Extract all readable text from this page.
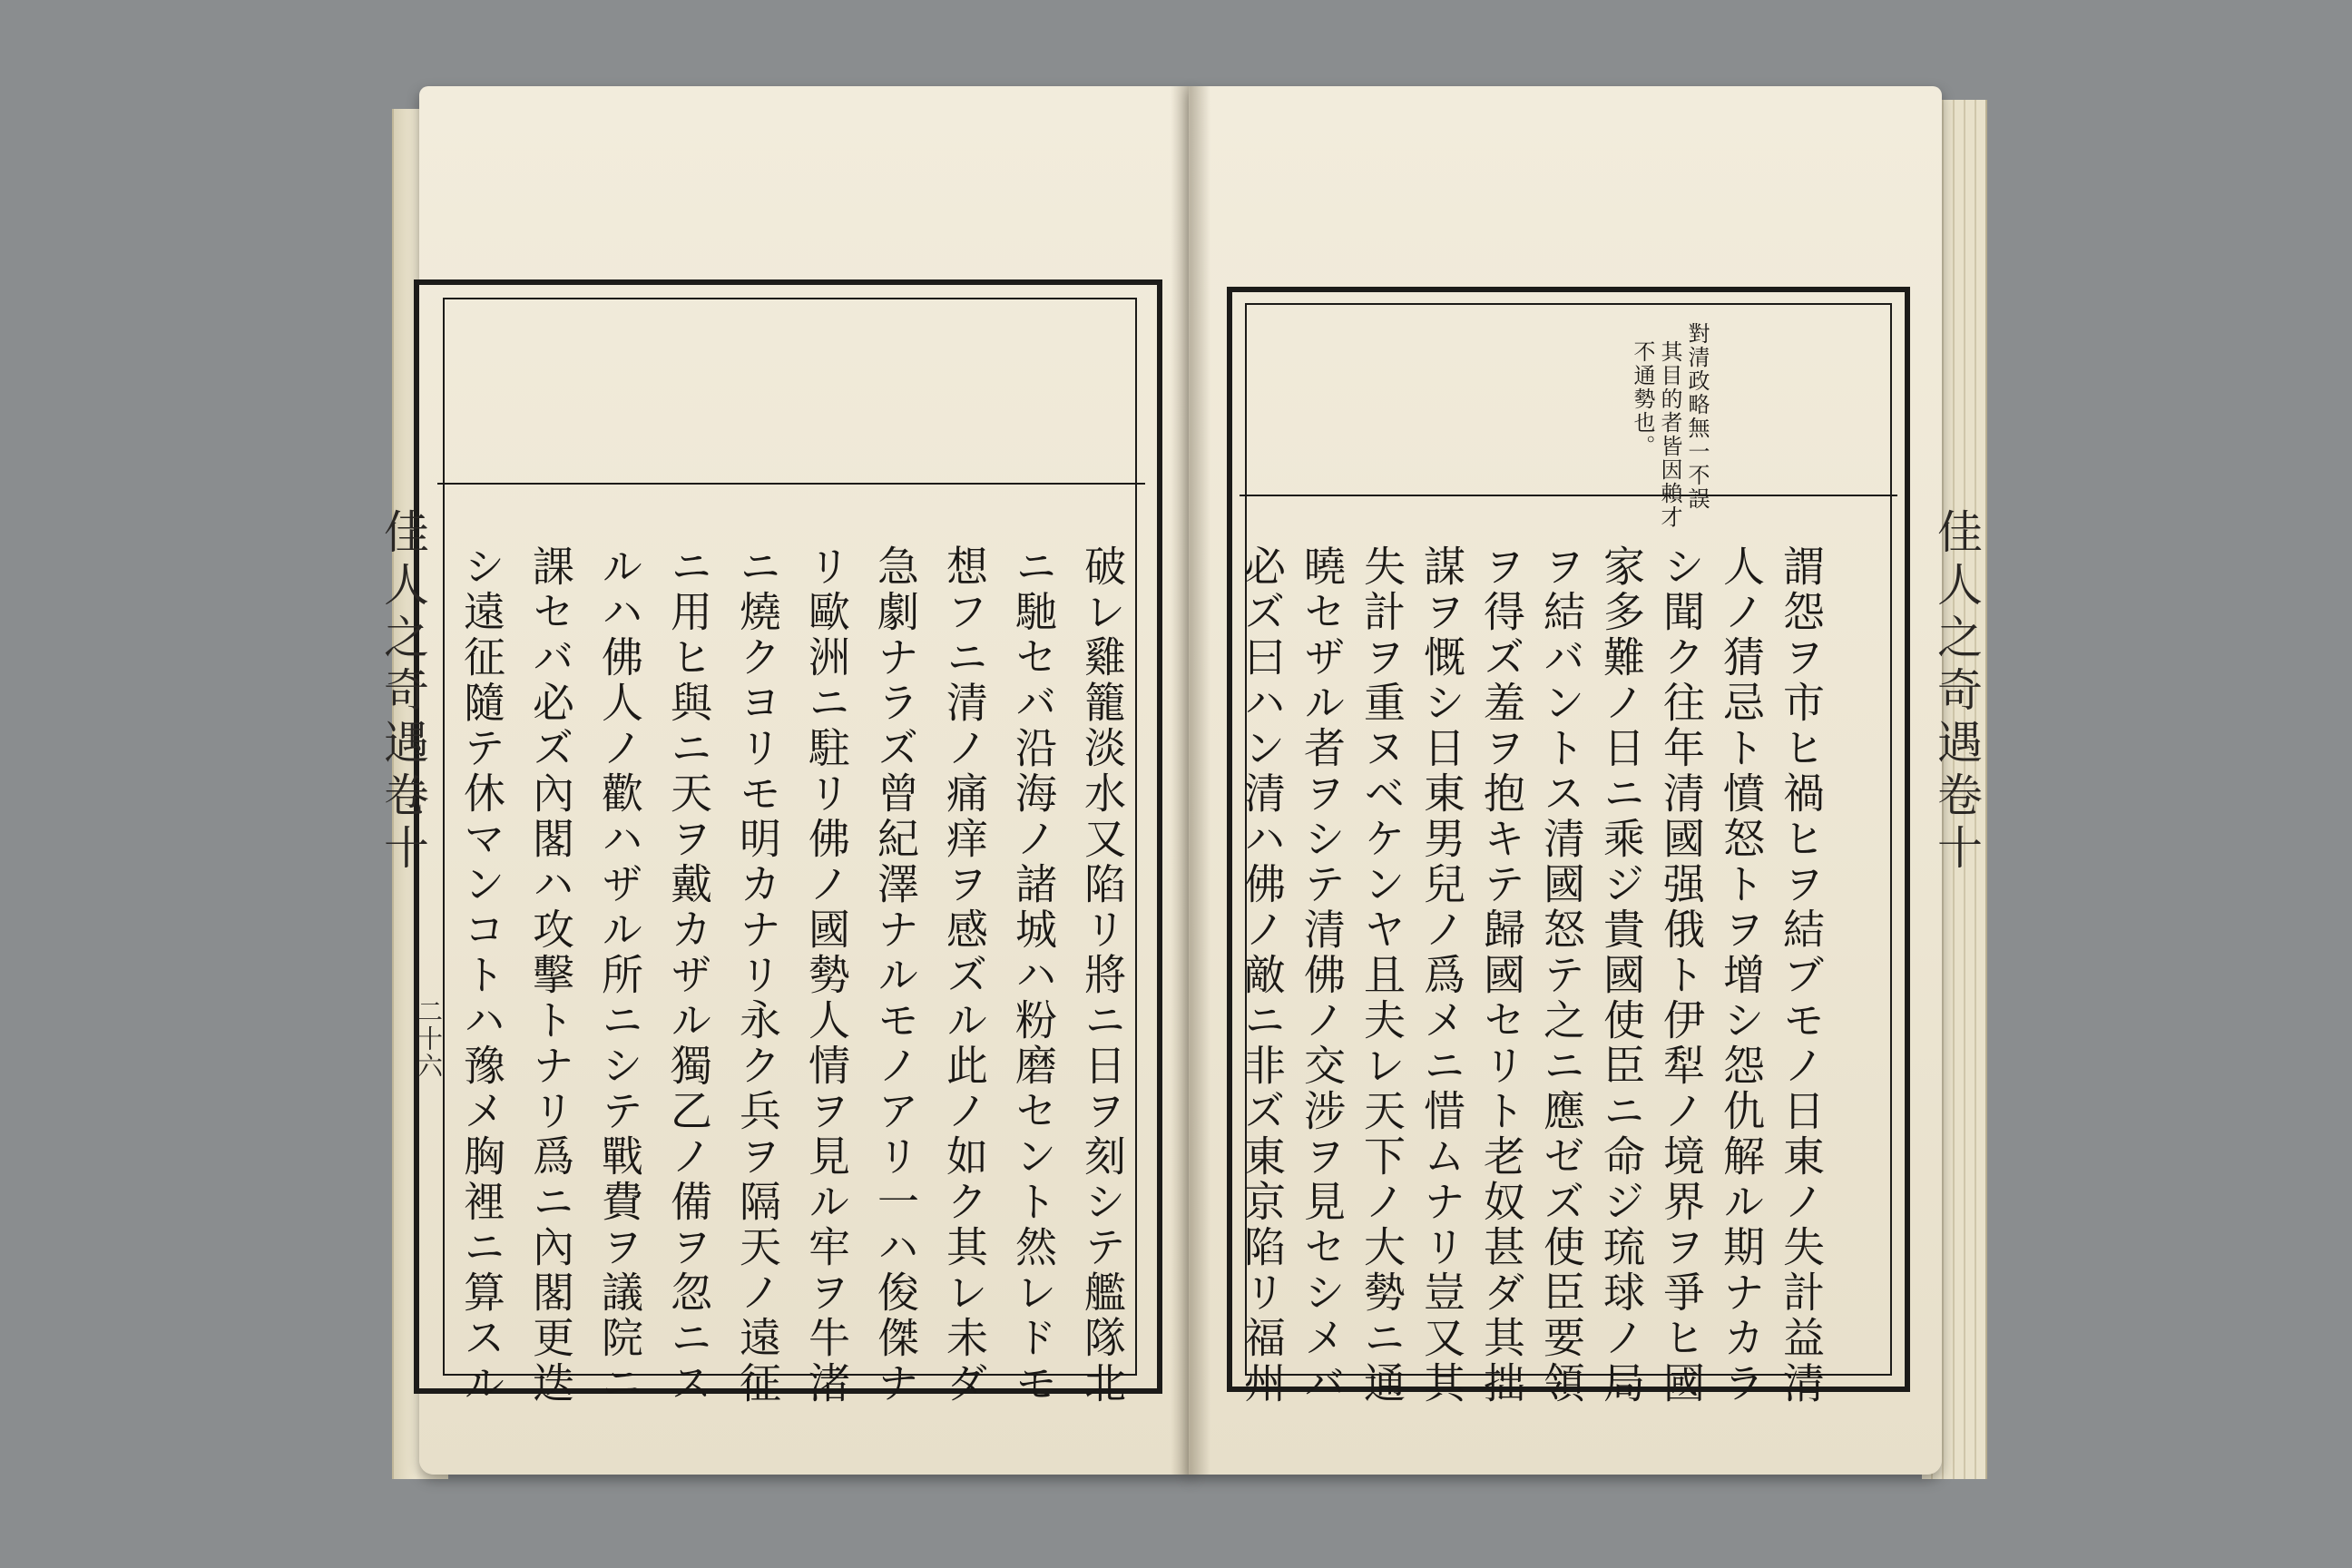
佳人之奇遇卷十
二十六	破レ雞籠淡水又陷リ將ニ日ヲ刻シテ艦隊北
ニ馳セバ沿海ノ諸城ハ粉磨セント然レドモ
想フニ清ノ痛痒ヲ感ズル此ノ如ク其レ未ダ
急劇ナラズ曾紀澤ナルモノアリ一ハ俊傑ナ
リ歐洲ニ駐リ佛ノ國勢人情ヲ見ル牢ヲ牛渚
ニ燒クヨリモ明カナリ永ク兵ヲ隔天ノ遠征
ニ用ヒ與ニ天ヲ戴カザル獨乙ノ備ヲ忽ニス
ルハ佛人ノ歡ハザル所ニシテ戰費ヲ議院ニ
課セバ必ズ內閣ハ攻擊トナリ爲ニ內閣更迭
シ遠征隨テ休マンコトハ豫メ胸裡ニ算スル	佳人之奇遇卷十
對清政略無一不誤
其目的者皆因賴才
不通勢也。
謂怨ヲ市ヒ禍ヒヲ結ブモノ日東ノ失計益清
人ノ猜忌ト憤怒トヲ增シ怨仇解ル期ナカラ
シ聞ク往年清國强俄ト伊犁ノ境界ヲ爭ヒ國
家多難ノ日ニ乘ジ貴國使臣ニ命ジ琉球ノ局
ヲ結バントス清國怒テ之ニ應ゼズ使臣要領
ヲ得ズ羞ヲ抱キテ歸國セリト老奴甚ダ其拙
謀ヲ慨シ日東男兒ノ爲メニ惜ムナリ豈又其
失計ヲ重ヌベケンヤ且夫レ天下ノ大勢ニ通
曉セザル者ヲシテ清佛ノ交涉ヲ見セシメバ
必ズ曰ハン清ハ佛ノ敵ニ非ズ東京陷リ福州
